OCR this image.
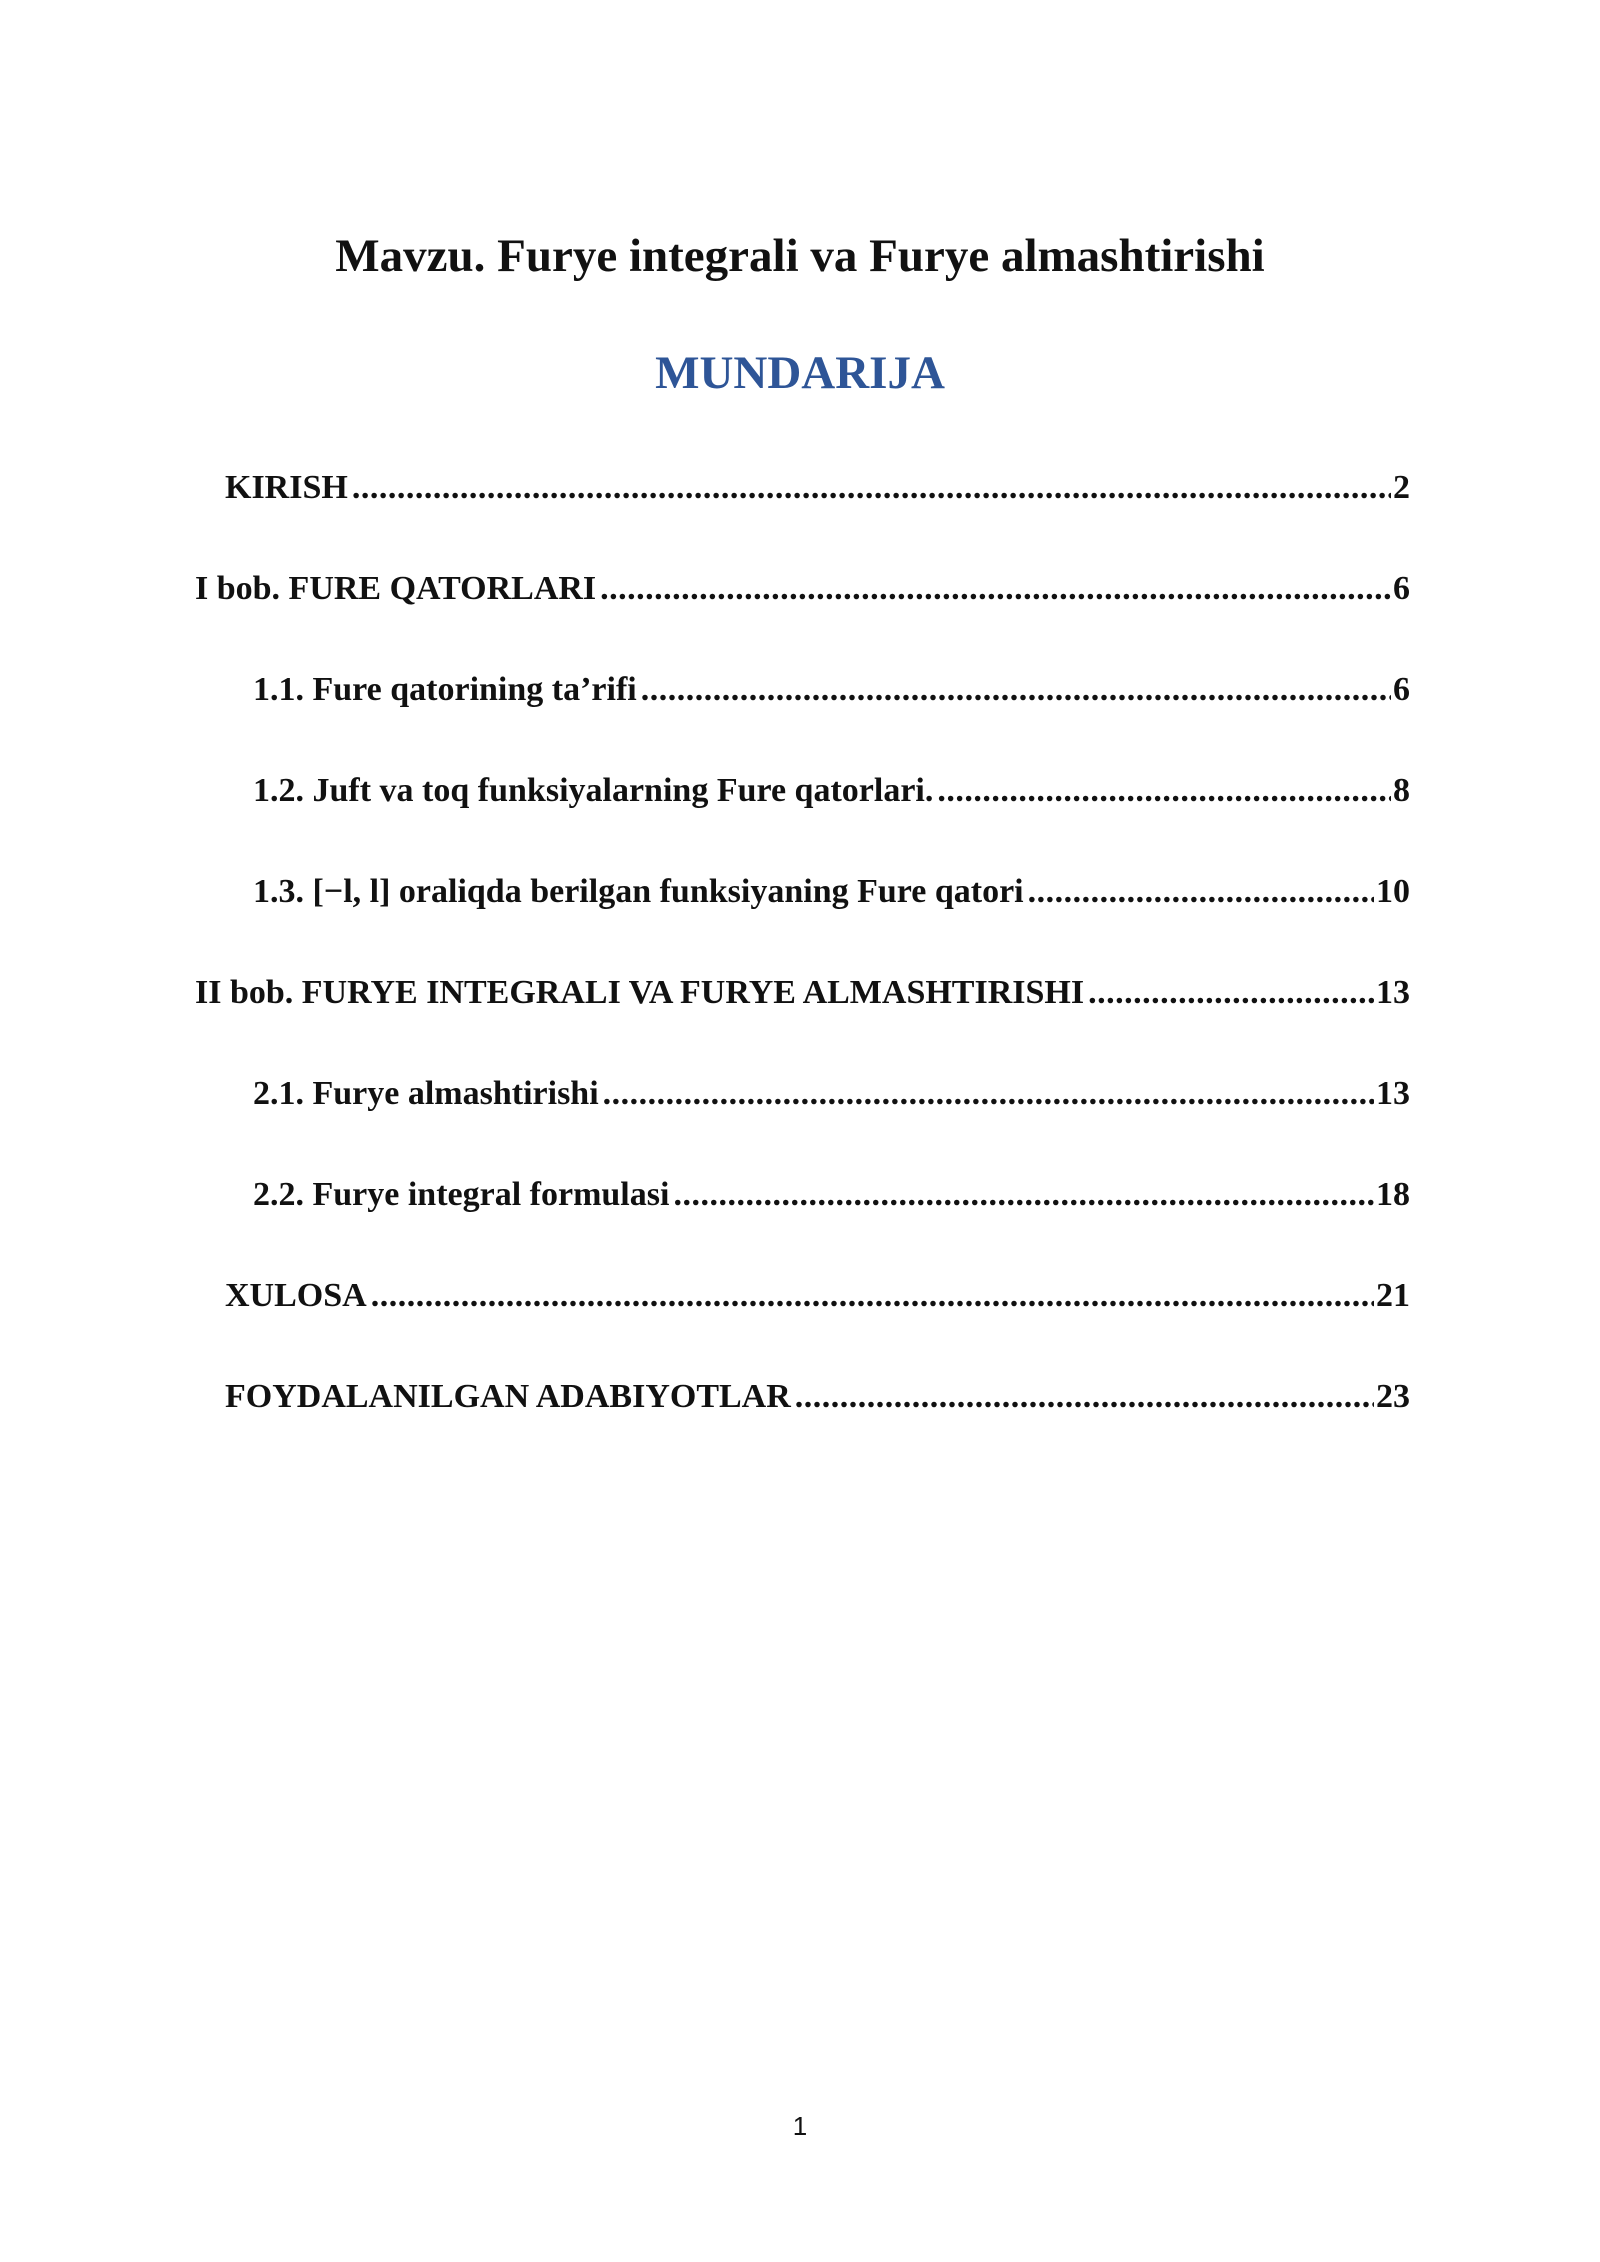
Mavzu. Furye integrali va Furye almashtirishi
MUNDARIJA
KIRISH .....	2
I bob. FURE QATORLARI .....	6
1.1. Fure qatorining ta’rifi .....	6
1.2. Juft va toq funksiyalarning Fure qatorlari. .....	8
1.3. [−l, l] oraliqda berilgan funksiyaning Fure qatori .....	10
II bob. FURYE INTEGRALI VA FURYE ALMASHTIRISHI .....	13
2.1. Furye almashtirishi .....	13
2.2. Furye integral formulasi .....	18
XULOSA .....	21
FOYDALANILGAN ADABIYOTLAR .....	23
1
